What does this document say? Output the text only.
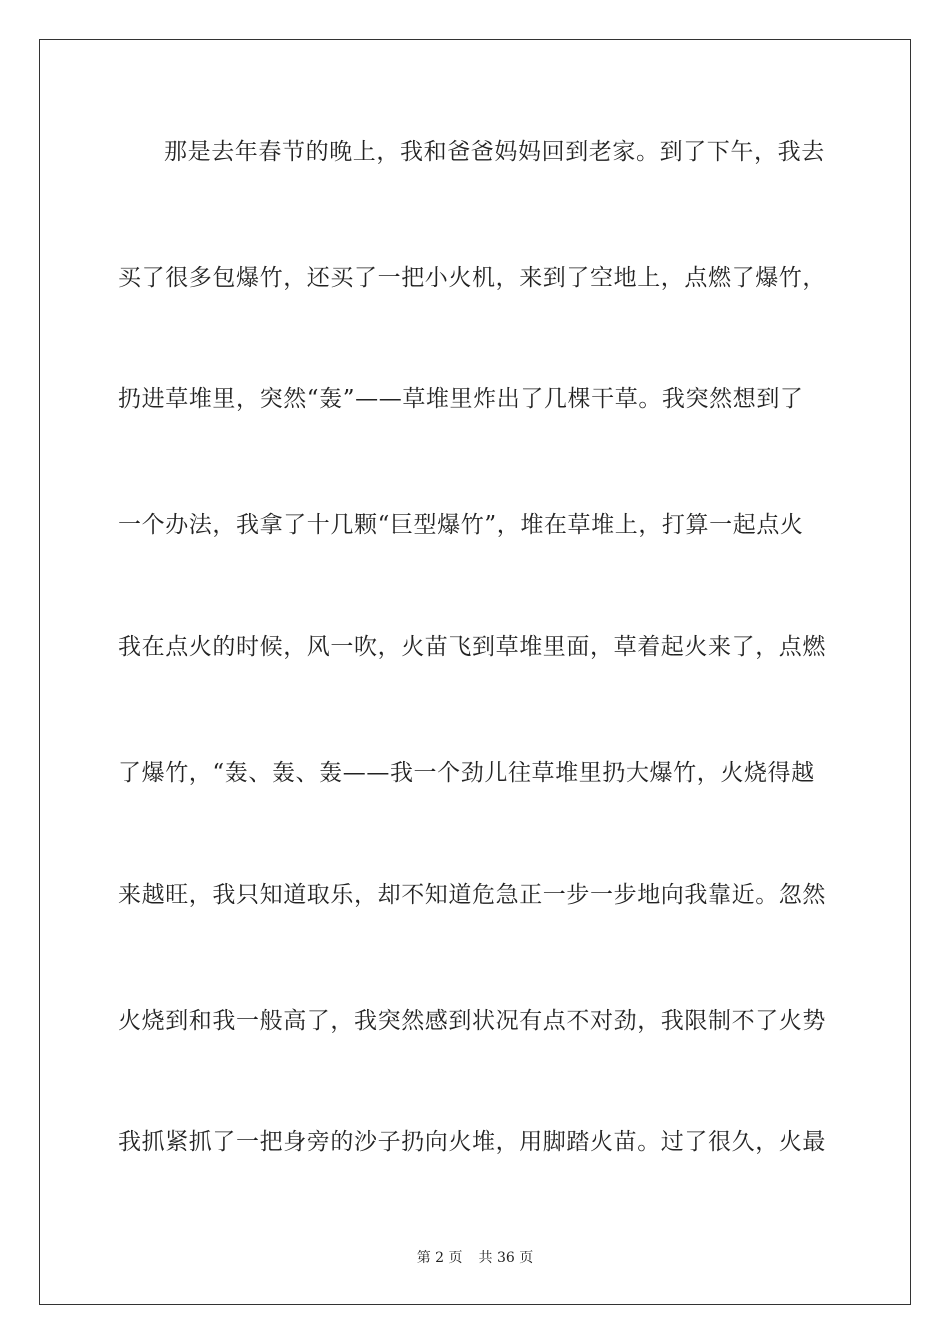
那是去年春节的晚上，我和爸爸妈妈回到老家。到了下午，我去
买了很多包爆竹，还买了一把小火机，来到了空地上，点燃了爆竹，
扔进草堆里，突然“轰”——草堆里炸出了几棵干草。我突然想到了
一个办法，我拿了十几颗“巨型爆竹”，堆在草堆上，打算一起点火
我在点火的时候，风一吹，火苗飞到草堆里面，草着起火来了，点燃
了爆竹，“轰、轰、轰——我一个劲儿往草堆里扔大爆竹，火烧得越
来越旺，我只知道取乐，却不知道危急正一步一步地向我靠近。忽然
火烧到和我一般高了，我突然感到状况有点不对劲，我限制不了火势
我抓紧抓了一把身旁的沙子扔向火堆，用脚踏火苗。过了很久，火最
第 2 页 共 36 页
